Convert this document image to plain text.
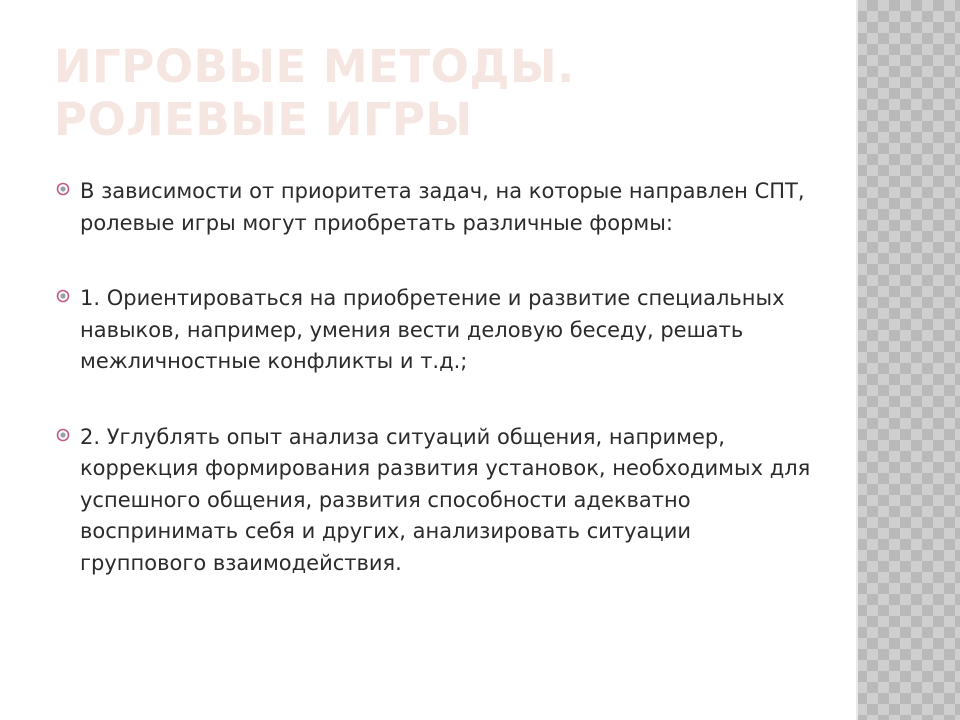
ИГРОВЫЕ МЕТОДЫ. РОЛЕВЫЕ ИГРЫ
В зависимости от приоритета задач, на которые направлен СПТ, ролевые игры могут приобретать различные формы:
1. Ориентироваться на приобретение и развитие специальных навыков, например, умения вести деловую беседу, решать межличностные конфликты и т.д.;
2. Углублять опыт анализа ситуаций общения, например, коррекция формирования развития установок, необходимых для успешного общения, развития способности адекватно воспринимать себя и других, анализировать ситуации группового взаимодействия.
